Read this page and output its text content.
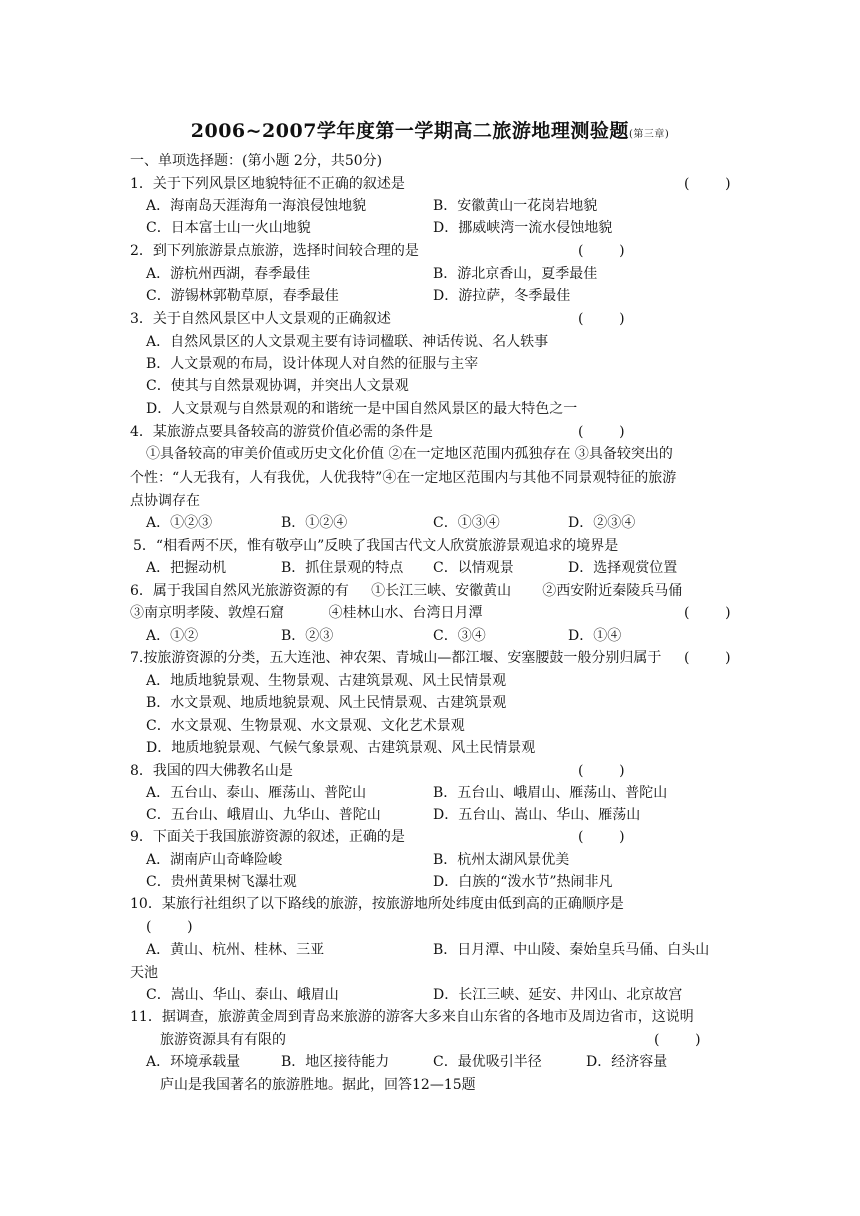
2006~2007学年度第一学期高二旅游地理测验题(第三章)
一、单项选择题：(第小题 2分，共50分)
1．关于下列风景区地貌特征不正确的叙述是	(        )
A．海南岛天涯海角一海浪侵蚀地貌	B．安徽黄山一花岗岩地貌
C．日本富士山一火山地貌	D．挪威峡湾一流水侵蚀地貌
2．到下列旅游景点旅游，选择时间较合理的是	(        )
A．游杭州西湖，春季最佳	B．游北京香山，夏季最佳
C．游锡林郭勒草原，春季最佳	D．游拉萨，冬季最佳
3．关于自然风景区中人文景观的正确叙述	(        )
A．自然风景区的人文景观主要有诗词楹联、神话传说、名人轶事
B．人文景观的布局，设计体现人对自然的征服与主宰
C．使其与自然景观协调，并突出人文景观
D．人文景观与自然景观的和谐统一是中国自然风景区的最大特色之一
4．某旅游点要具备较高的游赏价值必需的条件是	(        )
①具备较高的审美价值或历史文化价值 ②在一定地区范围内孤独存在 ③具备较突出的
个性：“人无我有，人有我优，人优我特”④在一定地区范围内与其他不同景观特征的旅游
点协调存在
A．①②③	B．①②④	C．①③④	D．②③④
5．“相看两不厌，惟有敬亭山”反映了我国古代文人欣赏旅游景观追求的境界是
A．把握动机	B．抓住景观的特点 C．以情观景	D．选择观赏位置
6．属于我国自然风光旅游资源的有     ①长江三峡、安徽黄山       ②西安附近秦陵兵马俑
③南京明孝陵、敦煌石窟          ④桂林山水、台湾日月潭	(        )
A．①②	B．②③	C．③④	D．①④
7.按旅游资源的分类，五大连池、神农架、青城山—都江堰、安塞腰鼓一般分别归属于 (        )
A．地质地貌景观、生物景观、古建筑景观、风土民情景观
B．水文景观、地质地貌景观、风土民情景观、古建筑景观
C．水文景观、生物景观、水文景观、文化艺术景观
D．地质地貌景观、气候气象景观、古建筑景观、风土民情景观
8．我国的四大佛教名山是	(        )
A．五台山、泰山、雁荡山、普陀山	B．五台山、峨眉山、雁荡山、普陀山
C．五台山、峨眉山、九华山、普陀山	D．五台山、嵩山、华山、雁荡山
9．下面关于我国旅游资源的叙述，正确的是	(        )
A．湖南庐山奇峰险峻	B．杭州太湖风景优美
C．贵州黄果树飞瀑壮观	D．白族的“泼水节”热闹非凡
10．某旅行社组织了以下路线的旅游，按旅游地所处纬度由低到高的正确顺序是
(        )
A．黄山、杭州、桂林、三亚	B．日月潭、中山陵、秦始皇兵马俑、白头山
天池
C．嵩山、华山、泰山、峨眉山	D．长江三峡、延安、井冈山、北京故宫
11．据调查，旅游黄金周到青岛来旅游的游客大多来自山东省的各地市及周边省市，这说明
旅游资源具有有限的	(        )
A．环境承载量	B．地区接待能力	C．最优吸引半径	D．经济容量
庐山是我国著名的旅游胜地。据此，回答12—15题
